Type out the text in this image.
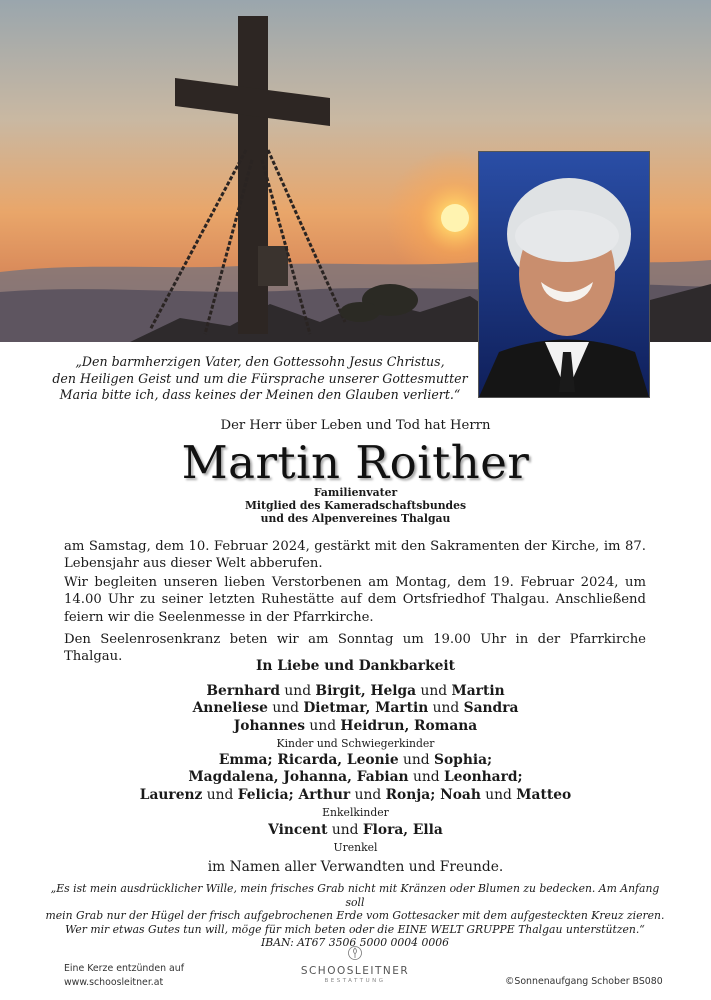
„Den barmherzigen Vater, den Gottessohn Jesus Christus,
den Heiligen Geist und um die Fürsprache unserer Gottesmutter
Maria bitte ich, dass keines der Meinen den Glauben verliert.“
Der Herr über Leben und Tod hat Herrn
Martin Roither
Familienvater
Mitglied des Kameradschaftsbundes
und des Alpenvereines Thalgau
am Samstag, dem 10. Februar 2024, gestärkt mit den Sakramenten der Kirche, im 87. Lebensjahr aus dieser Welt abberufen.
Wir begleiten unseren lieben Verstorbenen am Montag, dem 19. Februar 2024, um 14.00 Uhr zu seiner letzten Ruhestätte auf dem Ortsfriedhof Thalgau. Anschließend feiern wir die Seelenmesse in der Pfarrkirche.
Den Seelenrosenkranz beten wir am Sonntag um 19.00 Uhr in der Pfarrkirche Thalgau.
In Liebe und Dankbarkeit
Bernhard und Birgit, Helga und Martin
Anneliese und Dietmar, Martin und Sandra
Johannes und Heidrun, Romana
Kinder und Schwiegerkinder
Emma; Ricarda, Leonie und Sophia;
Magdalena, Johanna, Fabian und Leonhard;
Laurenz und Felicia; Arthur und Ronja; Noah und Matteo
Enkelkinder
Vincent und Flora, Ella
Urenkel
im Namen aller Verwandten und Freunde.
„Es ist mein ausdrücklicher Wille, mein frisches Grab nicht mit Kränzen oder Blumen zu bedecken. Am Anfang soll
mein Grab nur der Hügel der frisch aufgebrochenen Erde vom Gottesacker mit dem aufgesteckten Kreuz zieren.
Wer mir etwas Gutes tun will, möge für mich beten oder die EINE WELT GRUPPE Thalgau unterstützen.“
IBAN: AT67 3506 5000 0004 0006
Eine Kerze entzünden auf
www.schoosleitner.at
SCHOOSLEITNER
BESTATTUNG	©Sonnenaufgang Schober BS080
